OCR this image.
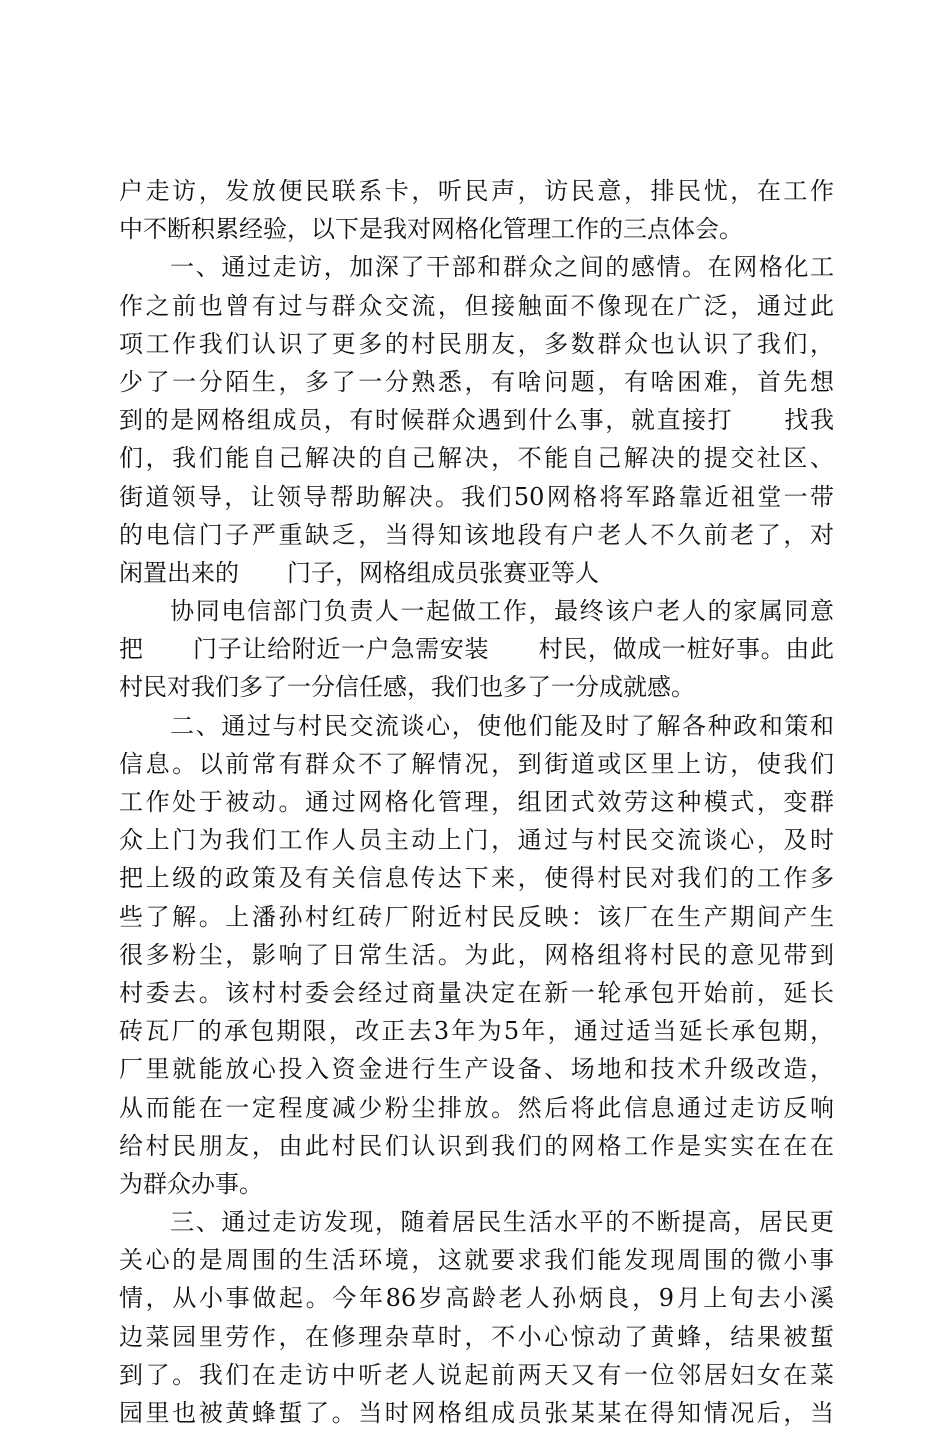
户走访，发放便民联系卡，听民声，访民意，排民忧，在工作
中不断积累经验，以下是我对网格化管理工作的三点体会。
　　一、通过走访，加深了干部和群众之间的感情。在网格化工
作之前也曾有过与群众交流，但接触面不像现在广泛，通过此
项工作我们认识了更多的村民朋友，多数群众也认识了我们，
少了一分陌生，多了一分熟悉，有啥问题，有啥困难，首先想
到的是网格组成员，有时候群众遇到什么事，就直接打　　找我
们，我们能自己解决的自己解决，不能自己解决的提交社区、
街道领导，让领导帮助解决。我们50网格将军路靠近祖堂一带
的电信门子严重缺乏，当得知该地段有户老人不久前老了，对
闲置出来的　　门子，网格组成员张赛亚等人
　　协同电信部门负责人一起做工作，最终该户老人的家属同意
把　　门子让给附近一户急需安装　　村民，做成一桩好事。由此
村民对我们多了一分信任感，我们也多了一分成就感。
　　二、通过与村民交流谈心，使他们能及时了解各种政和策和
信息。以前常有群众不了解情况，到街道或区里上访，使我们
工作处于被动。通过网格化管理，组团式效劳这种模式，变群
众上门为我们工作人员主动上门，通过与村民交流谈心，及时
把上级的政策及有关信息传达下来，使得村民对我们的工作多
些了解。上潘孙村红砖厂附近村民反映：该厂在生产期间产生
很多粉尘，影响了日常生活。为此，网格组将村民的意见带到
村委去。该村村委会经过商量决定在新一轮承包开始前，延长
砖瓦厂的承包期限，改正去3年为5年，通过适当延长承包期，
厂里就能放心投入资金进行生产设备、场地和技术升级改造，
从而能在一定程度减少粉尘排放。然后将此信息通过走访反响
给村民朋友，由此村民们认识到我们的网格工作是实实在在在
为群众办事。
　　三、通过走访发现，随着居民生活水平的不断提高，居民更
关心的是周围的生活环境，这就要求我们能发现周围的微小事
情，从小事做起。今年86岁高龄老人孙炳良，9月上旬去小溪
边菜园里劳作，在修理杂草时，不小心惊动了黄蜂，结果被蜇
到了。我们在走访中听老人说起前两天又有一位邻居妇女在菜
园里也被黄蜂蜇了。当时网格组成员张某某在得知情况后，当
